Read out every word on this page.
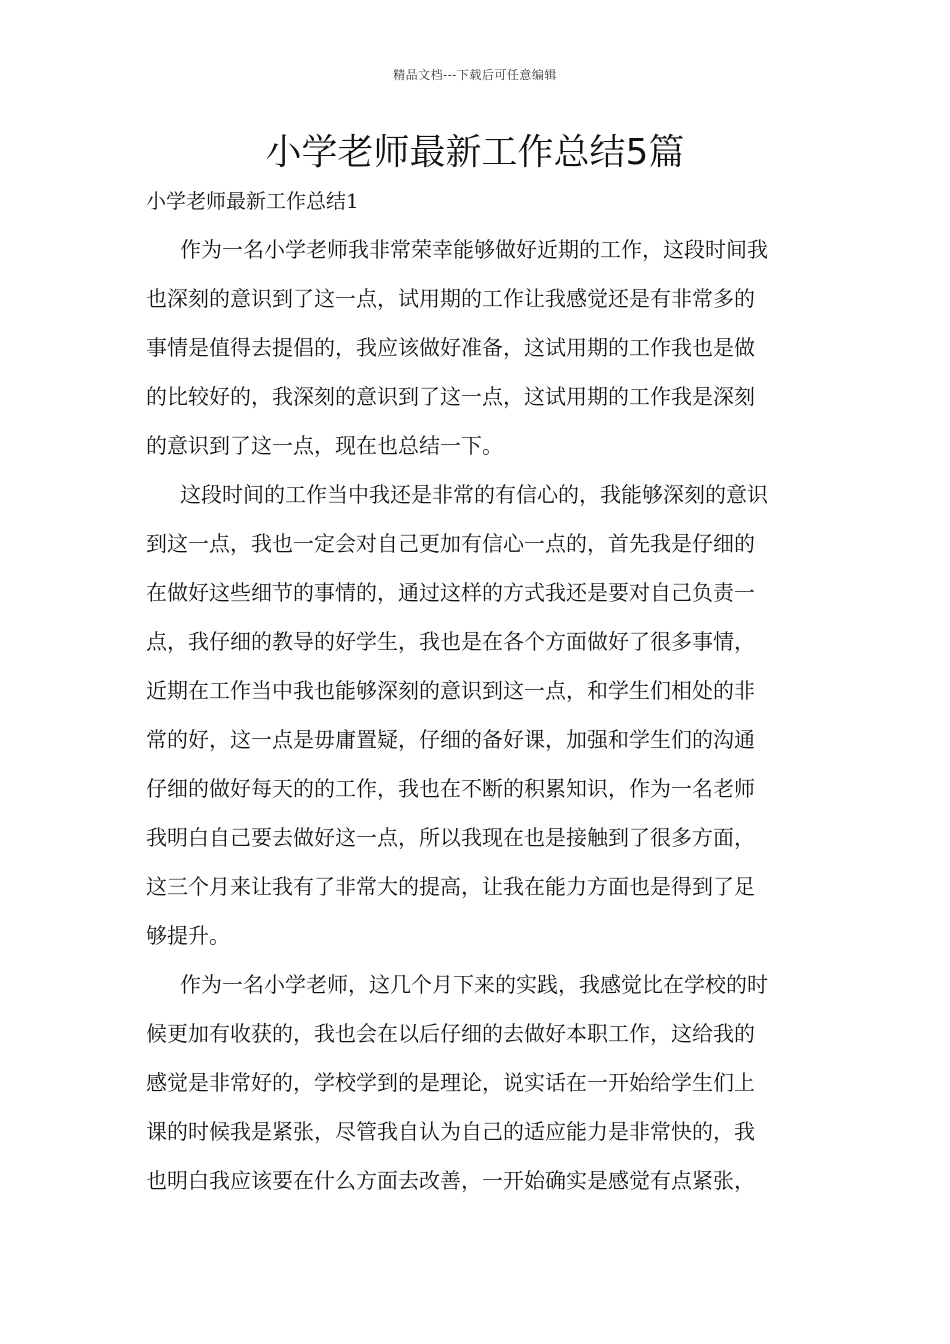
精品文档---下载后可任意编辑
小学老师最新工作总结5篇
小学老师最新工作总结1

作为一名小学老师我非常荣幸能够做好近期的工作，这段时间我
也深刻的意识到了这一点，试用期的工作让我感觉还是有非常多的
事情是值得去提倡的，我应该做好准备，这试用期的工作我也是做
的比较好的，我深刻的意识到了这一点，这试用期的工作我是深刻
的意识到了这一点，现在也总结一下。

这段时间的工作当中我还是非常的有信心的，我能够深刻的意识
到这一点，我也一定会对自己更加有信心一点的，首先我是仔细的
在做好这些细节的事情的，通过这样的方式我还是要对自己负责一
点，我仔细的教导的好学生，我也是在各个方面做好了很多事情，
近期在工作当中我也能够深刻的意识到这一点，和学生们相处的非
常的好，这一点是毋庸置疑，仔细的备好课，加强和学生们的沟通
仔细的做好每天的的工作，我也在不断的积累知识，作为一名老师
我明白自己要去做好这一点，所以我现在也是接触到了很多方面，
这三个月来让我有了非常大的提高，让我在能力方面也是得到了足
够提升。

作为一名小学老师，这几个月下来的实践，我感觉比在学校的时
候更加有收获的，我也会在以后仔细的去做好本职工作，这给我的
感觉是非常好的，学校学到的是理论，说实话在一开始给学生们上
课的时候我是紧张，尽管我自认为自己的适应能力是非常快的，我
也明白我应该要在什么方面去改善，一开始确实是感觉有点紧张，
